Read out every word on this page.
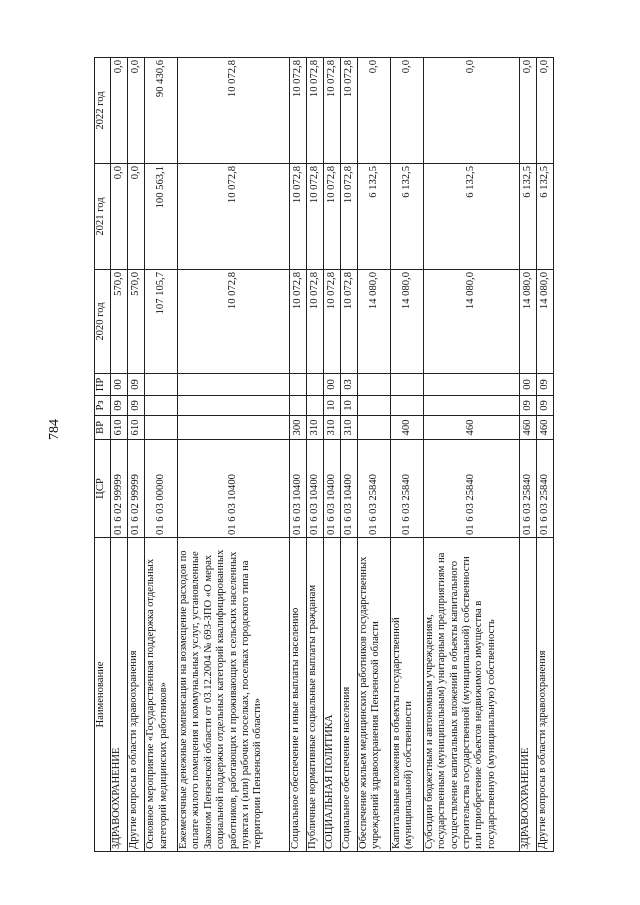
784
Наименование	ЦСР	ВР	Рз	ПР	2020 год	2021 год	2022 год
ЗДРАВООХРАНЕНИЕ	01 6 02 99999	610	09	00	570,0	0,0	0,0
Другие вопросы в области здравоохранения	01 6 02 99999	610	09	09	570,0	0,0	0,0
Основное мероприятие «Государственная поддержка отдельных категорий медицинских работников»	01 6 03 00000				107 105,7	100 563,1	90 430,6
Ежемесячные денежные компенсации на возмещение расходов по оплате жилого помещения и коммунальных услуг, установленные Законом Пензенской области от 03.12.2004 № 693-ЗПО «О мерах социальной поддержки отдельных категорий квалифицированных работников, работающих и проживающих в сельских населенных пунктах и (или) рабочих поселках, поселках городского типа на территории Пензенской области»	01 6 03 10400				10 072,8	10 072,8	10 072,8
Социальное обеспечение и иные выплаты населению	01 6 03 10400	300			10 072,8	10 072,8	10 072,8
Публичные нормативные социальные выплаты гражданам	01 6 03 10400	310			10 072,8	10 072,8	10 072,8
СОЦИАЛЬНАЯ ПОЛИТИКА	01 6 03 10400	310	10	00	10 072,8	10 072,8	10 072,8
Социальное обеспечение населения	01 6 03 10400	310	10	03	10 072,8	10 072,8	10 072,8
Обеспечение жильем медицинских работников государственных учреждений здравоохранения Пензенской области	01 6 03 25840				14 080,0	6 132,5	0,0
Капитальные вложения в объекты государственной (муниципальной) собственности	01 6 03 25840	400			14 080,0	6 132,5	0,0
Субсидии бюджетным и автономным учреждениям, государственным (муниципальным) унитарным предприятиям на осуществление капитальных вложений в объекты капитального строительства государственной (муниципальной) собственности или приобретение объектов недвижимого имущества в государственную (муниципальную) собственность	01 6 03 25840	460			14 080,0	6 132,5	0,0
ЗДРАВООХРАНЕНИЕ	01 6 03 25840	460	09	00	14 080,0	6 132,5	0,0
Другие вопросы в области здравоохранения	01 6 03 25840	460	09	09	14 080,0	6 132,5	0,0
